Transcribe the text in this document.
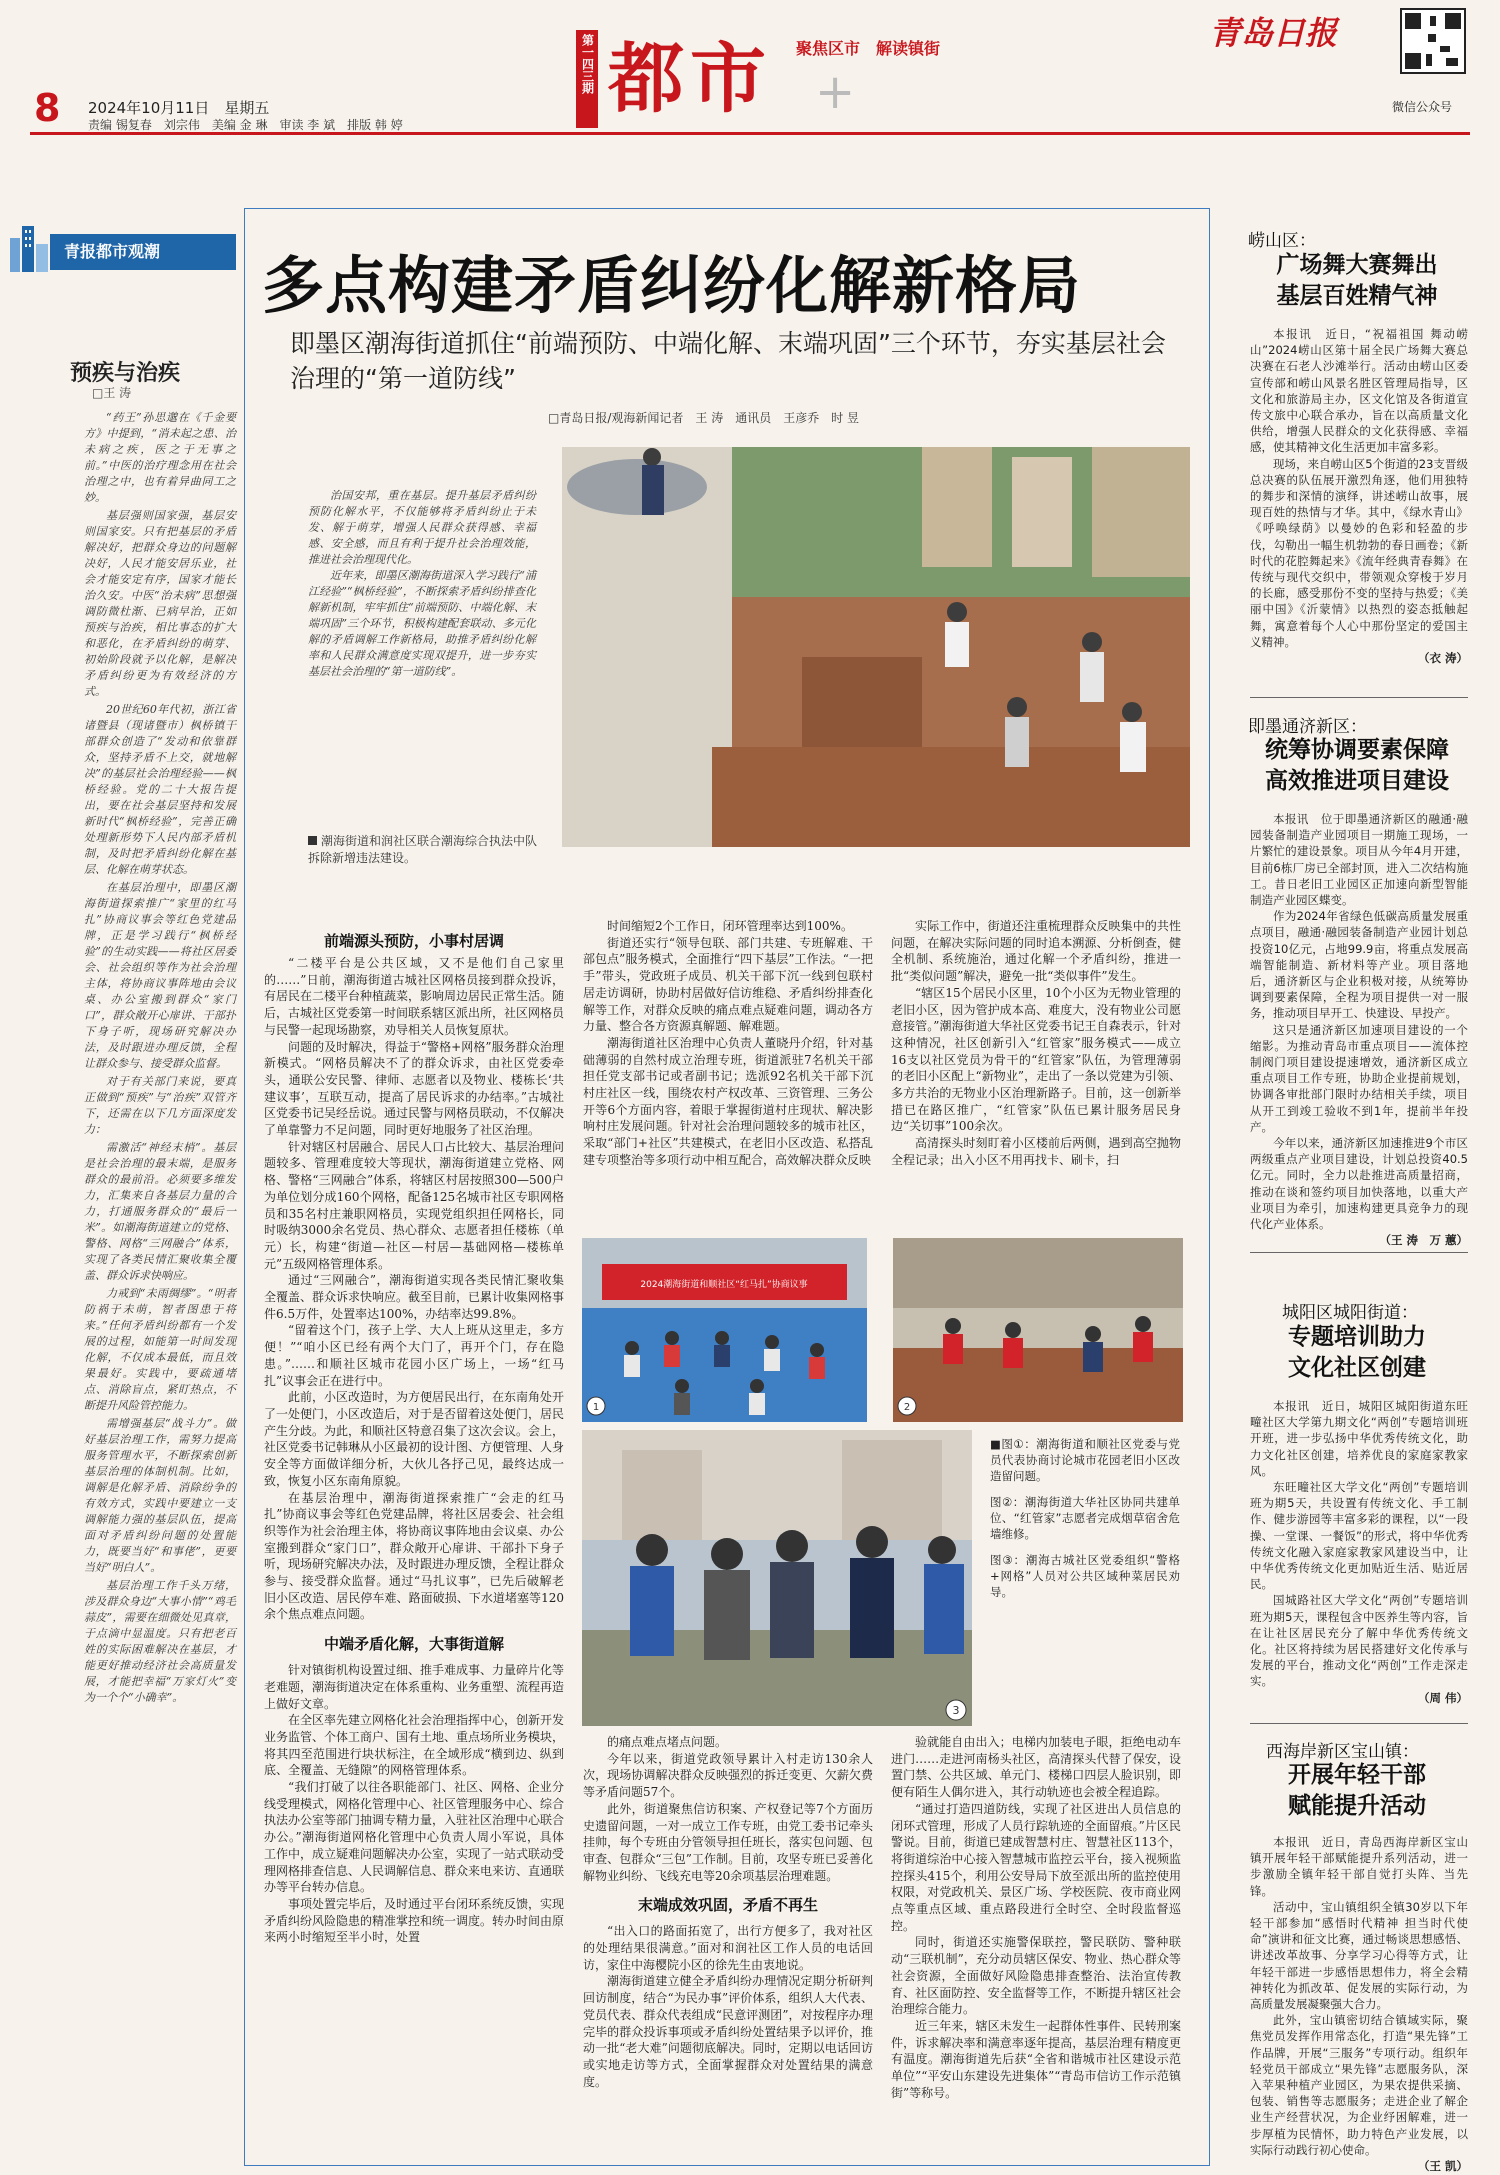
8 2024年10月11日　星期五
责编 锡复春　刘宗伟　美编 金 琳　审读 李 斌　排版 韩 婷
第一四三期 都市 聚焦区市　解读镇街
+
青岛日报
微信公众号
青报都市观潮
预疾与治疾
□王 涛

“药王”孙思邈在《千金要方》中提到，“消未起之患、治未病之疾，医之于无事之前。”中医的治疗理念用在社会治理之中，也有着异曲同工之妙。

基层强则国家强，基层安则国家安。只有把基层的矛盾解决好，把群众身边的问题解决好，人民才能安居乐业，社会才能安定有序，国家才能长治久安。中医“治未病”思想强调防微杜渐、已病早治，正如预疾与治疾，相比事态的扩大和恶化，在矛盾纠纷的萌芽、初始阶段就予以化解，是解决矛盾纠纷更为有效经济的方式。

20世纪60年代初，浙江省诸暨县（现诸暨市）枫桥镇干部群众创造了“发动和依靠群众，坚持矛盾不上交，就地解决”的基层社会治理经验——枫桥经验。党的二十大报告提出，要在社会基层坚持和发展新时代“枫桥经验”，完善正确处理新形势下人民内部矛盾机制，及时把矛盾纠纷化解在基层、化解在萌芽状态。

在基层治理中，即墨区潮海街道探索推广“家里的红马扎”协商议事会等红色党建品牌，正是学习践行“枫桥经验”的生动实践——将社区居委会、社会组织等作为社会治理主体，将协商议事阵地由会议桌、办公室搬到群众“家门口”，群众敞开心扉讲、干部扑下身子听，现场研究解决办法，及时跟进办理反馈，全程让群众参与、接受群众监督。

对于有关部门来说，要真正做到“预疾”与“治疾”双管齐下，还需在以下几方面深度发力：

需激活“神经末梢”。基层是社会治理的最末端，是服务群众的最前沿。必须要多维发力，汇集来自各基层力量的合力，打通服务群众的“最后一米”。如潮海街道建立的党格、警格、网格“三网融合”体系，实现了各类民情汇聚收集全覆盖、群众诉求快响应。

力戒到“未雨绸缪”。“明者防祸于未萌，智者图患于将来。”任何矛盾纠纷都有一个发展的过程，如能第一时间发现化解，不仅成本最低，而且效果最好。实践中，要疏通堵点、消除盲点，紧盯热点，不断提升风险管控能力。

需增强基层“战斗力”。做好基层治理工作，需努力提高服务管理水平，不断探索创新基层治理的体制机制。比如，调解是化解矛盾、消除纷争的有效方式，实践中要建立一支调解能力强的基层队伍，提高面对矛盾纠纷问题的处置能力，既要当好“和事佬”，更要当好“明白人”。

基层治理工作千头万绪，涉及群众身边“大事小情”“鸡毛蒜皮”，需要在细微处见真章，于点滴中显温度。只有把老百姓的实际困难解决在基层，才能更好推动经济社会高质量发展，才能把幸福“万家灯火”变为一个个“小确幸”。

多点构建矛盾纠纷化解新格局
即墨区潮海街道抓住“前端预防、中端化解、末端巩固”三个环节，夯实基层社会治理的“第一道防线”
□青岛日报/观海新闻记者　王 涛　通讯员　王彦乔　时 昱

治国安邦，重在基层。提升基层矛盾纠纷预防化解水平，不仅能够将矛盾纠纷止于未发、解于萌芽，增强人民群众获得感、幸福感、安全感，而且有利于提升社会治理效能，推进社会治理现代化。

近年来，即墨区潮海街道深入学习践行“浦江经验”“枫桥经验”，不断探索矛盾纠纷排查化解新机制，牢牢抓住“前端预防、中端化解、末端巩固”三个环节，积极构建配套联动、多元化解的矛盾调解工作新格局，助推矛盾纠纷化解率和人民群众满意度实现双提升，进一步夯实基层社会治理的“第一道防线”。

潮海街道和润社区联合潮海综合执法中队拆除新增违法建设。
前端源头预防，小事村居调

“二楼平台是公共区域，又不是他们自己家里的……”日前，潮海街道古城社区网格员接到群众投诉，有居民在二楼平台种植蔬菜，影响周边居民正常生活。随后，古城社区党委第一时间联系辖区派出所，社区网格员与民警一起现场勘察，劝导相关人员恢复原状。

问题的及时解决，得益于“警格+网格”服务群众治理新模式。“网格员解决不了的群众诉求，由社区党委牵头，通联公安民警、律师、志愿者以及物业、楼栋长‘共建议事’，互联互动，提高了居民诉求的办结率。”古城社区党委书记吴经岳说。通过民警与网格员联动，不仅解决了单靠警力不足问题，同时更好地服务了社区治理。

针对辖区村居融合、居民人口占比较大、基层治理问题较多、管理难度较大等现状，潮海街道建立党格、网格、警格“三网融合”体系，将辖区村居按照300—500户为单位划分成160个网格，配备125名城市社区专职网格员和35名村庄兼职网格员，实现党组织担任网格长，同时吸纳3000余名党员、热心群众、志愿者担任楼栋（单元）长，构建“街道—社区—村居—基础网格—楼栋单元”五级网格管理体系。

通过“三网融合”，潮海街道实现各类民情汇聚收集全覆盖、群众诉求快响应。截至目前，已累计收集网格事件6.5万件，处置率达100%，办结率达99.8%。

“留着这个门，孩子上学、大人上班从这里走，多方便！”“咱小区已经有两个大门了，再开个门，存在隐患。”……和顺社区城市花园小区广场上，一场“红马扎”议事会正在进行中。

此前，小区改造时，为方便居民出行，在东南角处开了一处便门，小区改造后，对于是否留着这处便门，居民产生分歧。为此，和顺社区特意召集了这次会议。会上，社区党委书记韩琳从小区最初的设计图、方便管理、人身安全等方面做详细分析，大伙儿各抒己见，最终达成一致，恢复小区东南角原貌。

在基层治理中，潮海街道探索推广“会走的红马扎”协商议事会等红色党建品牌，将社区居委会、社会组织等作为社会治理主体，将协商议事阵地由会议桌、办公室搬到群众“家门口”，群众敞开心扉讲、干部扑下身子听，现场研究解决办法，及时跟进办理反馈，全程让群众参与、接受群众监督。通过“马扎议事”，已先后破解老旧小区改造、居民停车难、路面破损、下水道堵塞等120余个焦点难点问题。

中端矛盾化解，大事街道解

针对镇街机构设置过细、推手难成事、力量碎片化等老难题，潮海街道决定在体系重构、业务重塑、流程再造上做好文章。

在全区率先建立网格化社会治理指挥中心，创新开发业务监管、个体工商户、国有土地、重点场所业务模块，将其四至范围进行块状标注，在全域形成“横到边、纵到底、全覆盖、无缝隙”的网格管理体系。

“我们打破了以往各职能部门、社区、网格、企业分线受理模式，网格化管理中心、社区管理服务中心、综合执法办公室等部门抽调专精力量，入驻社区治理中心联合办公。”潮海街道网格化管理中心负责人周小军说，具体工作中，成立疑难问题解决办公室，实现了一站式联动受理网格排查信息、人民调解信息、群众来电来访、直通联办等平台转办信息。

事项处置完毕后，及时通过平台闭环系统反馈，实现矛盾纠纷风险隐患的精准掌控和统一调度。转办时间由原来两小时缩短至半小时，处置

时间缩短2个工作日，闭环管理率达到100%。

街道还实行“领导包联、部门共建、专班解难、干部包点”服务模式，全面推行“四下基层”工作法。“一把手”带头，党政班子成员、机关干部下沉一线到包联村居走访调研，协助村居做好信访维稳、矛盾纠纷排查化解等工作，对群众反映的痛点难点疑难问题，调动各方力量、整合各方资源真解题、解难题。

潮海街道社区治理中心负责人董晓丹介绍，针对基础薄弱的自然村成立治理专班，街道派驻7名机关干部担任党支部书记或者副书记；选派92名机关干部下沉村庄社区一线，围绕农村产权改革、三资管理、三务公开等6个方面内容，着眼于掌握街道村庄现状、解决影响村庄发展问题。针对社会治理问题较多的城市社区，采取“部门+社区”共建模式，在老旧小区改造、私搭乱建专项整治等多项行动中相互配合，高效解决群众反映

实际工作中，街道还注重梳理群众反映集中的共性问题，在解决实际问题的同时追本溯源、分析倒查，健全机制、系统施治，通过化解一个矛盾纠纷，推进一批“类似问题”解决，避免一批“类似事件”发生。

“辖区15个居民小区里，10个小区为无物业管理的老旧小区，因为管护成本高、难度大，没有物业公司愿意接管。”潮海街道大华社区党委书记王自森表示，针对这种情况，社区创新引入“红管家”服务模式——成立16支以社区党员为骨干的“红管家”队伍，为管理薄弱的老旧小区配上“新物业”，走出了一条以党建为引领、多方共治的无物业小区治理新路子。目前，这一创新举措已在路区推广，“红管家”队伍已累计服务居民身边“关切事”100余次。

高清探头时刻盯着小区楼前后两侧，遇到高空抛物全程记录；出入小区不用再找卡、刷卡，扫

2024潮海街道和顺社区“红马扎”协商议事
1	2
3

■图①：潮海街道和顺社区党委与党员代表协商讨论城市花园老旧小区改造留问题。

图②：潮海街道大华社区协同共建单位、“红管家”志愿者完成烟草宿舍危墙维修。

图③：潮海古城社区党委组织“警格+网格”人员对公共区域种菜居民劝导。

的痛点难点堵点问题。

今年以来，街道党政领导累计入村走访130余人次，现场协调解决群众反映强烈的拆迁变更、欠薪欠费等矛盾问题57个。

此外，街道聚焦信访积案、产权登记等7个方面历史遗留问题，一对一成立工作专班，由党工委书记牵头挂帅，每个专班由分管领导担任班长，落实包问题、包审查、包群众“三包”工作制。目前，攻坚专班已妥善化解物业纠纷、飞线充电等20余项基层治理难题。

末端成效巩固，矛盾不再生

“出入口的路面拓宽了，出行方便多了，我对社区的处理结果很满意。”面对和润社区工作人员的电话回访，家住中海樱院小区的徐先生由衷地说。

潮海街道建立健全矛盾纠纷办理情况定期分析研判回访制度，结合“为民办事”评价体系，组织人大代表、党员代表、群众代表组成“民意评测团”，对按程序办理完毕的群众投诉事项或矛盾纠纷处置结果予以评价，推动一批“老大难”问题彻底解决。同时，定期以电话回访或实地走访等方式，全面掌握群众对处置结果的满意度。

验就能自由出入；电梯内加装电子眼，拒绝电动车进门……走进河南杨头社区，高清探头代替了保安，设置门禁、公共区域、单元门、楼梯口四层人脸识别，即便有陌生人偶尔进入，其行动轨迹也会被全程追踪。

“通过打造四道防线，实现了社区进出人员信息的闭环式管理，形成了人员行踪轨迹的全面留痕。”片区民警说。目前，街道已建成智慧村庄、智慧社区113个，将街道综治中心接入智慧城市监控云平台，接入视频监控探头415个，利用公安导局下放至派出所的监控使用权限，对党政机关、景区广场、学校医院、夜市商业网点等重点区域、重点路段进行全时空、全时段监督巡控。

同时，街道还实施警保联控，警民联防、警种联动“三联机制”，充分动员辖区保安、物业、热心群众等社会资源，全面做好风险隐患排查整治、法治宣传教育、社区面防控、安全监督等工作，不断提升辖区社会治理综合能力。

近三年来，辖区未发生一起群体性事件、民转刑案件，诉求解决率和满意率逐年提高，基层治理有精度更有温度。潮海街道先后获“全省和谐城市社区建设示范单位”“平安山东建设先进集体”“青岛市信访工作示范镇街”等称号。

崂山区：
广场舞大赛舞出
基层百姓精气神

本报讯　近日，“祝福祖国 舞动崂山”2024崂山区第十届全民广场舞大赛总决赛在石老人沙滩举行。活动由崂山区委宣传部和崂山风景名胜区管理局指导，区文化和旅游局主办，区文化馆及各街道宣传文旅中心联合承办，旨在以高质量文化供给，增强人民群众的文化获得感、幸福感，使其精神文化生活更加丰富多彩。

现场，来自崂山区5个街道的23支晋级总决赛的队伍展开激烈角逐，他们用独特的舞步和深情的演绎，讲述崂山故事，展现百姓的热情与才华。其中，《绿水青山》《呼唤绿荫》以曼妙的色彩和轻盈的步伐，勾勒出一幅生机勃勃的春日画卷；《新时代的花腔舞起来》《流年经典青春舞》在传统与现代交织中，带领观众穿梭于岁月的长廊，感受那份不变的坚持与热爱；《美丽中国》《沂蒙情》以热烈的姿态抵触起舞，寓意着每个人心中那份坚定的爱国主义精神。

（衣 涛）
即墨通济新区：
统筹协调要素保障
高效推进项目建设

本报讯　位于即墨通济新区的融通·融园装备制造产业园项目一期施工现场，一片繁忙的建设景象。项目从今年4月开建，目前6栋厂房已全部封顶，进入二次结构施工。昔日老旧工业园区正加速向新型智能制造产业园区蝶变。

作为2024年省绿色低碳高质量发展重点项目，融通·融园装备制造产业园计划总投资10亿元，占地99.9亩，将重点发展高端智能制造、新材料等产业。项目落地后，通济新区与企业积极对接，从统筹协调到要素保障，全程为项目提供一对一服务，推动项目早开工、快建设、早投产。

这只是通济新区加速项目建设的一个缩影。为推动青岛市重点项目——流体控制阀门项目建设提速增效，通济新区成立重点项目工作专班，协助企业提前规划，协调各审批部门限时办结相关手续，项目从开工到竣工验收不到1年，提前半年投产。

今年以来，通济新区加速推进9个市区两级重点产业项目建设，计划总投资40.5亿元。同时，全力以赴推进高质量招商，推动在谈和签约项目加快落地，以重大产业项目为牵引，加速构建更具竞争力的现代化产业体系。

（王 涛　万 蕙）
城阳区城阳街道：
专题培训助力
文化社区创建

本报讯　近日，城阳区城阳街道东旺疃社区大学第九期文化“两创”专题培训班开班，进一步弘扬中华优秀传统文化，助力文化社区创建，培养优良的家庭家教家风。

东旺疃社区大学文化“两创”专题培训班为期5天，共设置有传统文化、手工制作、健步游园等丰富多彩的课程，以“一段操、一堂课、一餐饭”的形式，将中华优秀传统文化融入家庭家教家风建设当中，让中华优秀传统文化更加贴近生活、贴近居民。

国城路社区大学文化“两创”专题培训班为期5天，课程包含中医养生等内容，旨在让社区居民充分了解中华优秀传统文化。社区将持续为居民搭建好文化传承与发展的平台，推动文化“两创”工作走深走实。

（周 伟）
西海岸新区宝山镇：
开展年轻干部
赋能提升活动

本报讯　近日，青岛西海岸新区宝山镇开展年轻干部赋能提升系列活动，进一步激励全镇年轻干部自觉打头阵、当先锋。

活动中，宝山镇组织全镇30岁以下年轻干部参加“感悟时代精神 担当时代使命”演讲和征文比赛，通过畅谈思想感悟、讲述改革故事、分享学习心得等方式，让年轻干部进一步感悟思想伟力，将全会精神转化为抓改革、促发展的实际行动，为高质量发展凝聚强大合力。

此外，宝山镇密切结合镇域实际，聚焦党员发挥作用常态化，打造“果先锋”工作品牌，开展“三服务”专项行动。组织年轻党员干部成立“果先锋”志愿服务队，深入苹果种植产业园区，为果农提供采摘、包装、销售等志愿服务；走进企业了解企业生产经营状况，为企业纾困解难，进一步厚植为民情怀，助力特色产业发展，以实际行动践行初心使命。

（王 凯）
